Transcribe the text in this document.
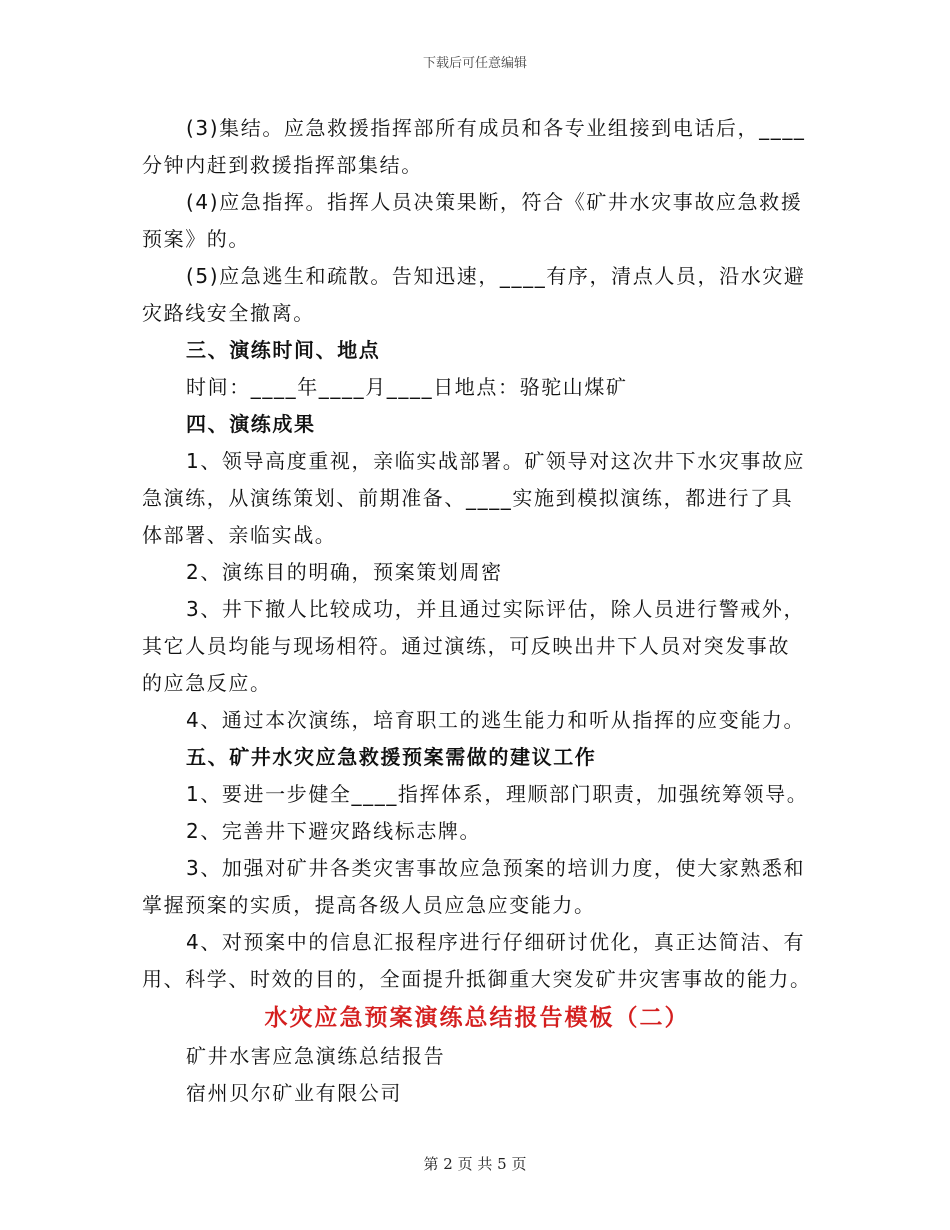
下载后可任意编辑
(3)集结。应急救援指挥部所有成员和各专业组接到电话后，____
分钟内赶到救援指挥部集结。
(4)应急指挥。指挥人员决策果断，符合《矿井水灾事故应急救援
预案》的。
(5)应急逃生和疏散。告知迅速，____有序，清点人员，沿水灾避
灾路线安全撤离。
三、演练时间、地点
时间：____年____月____日地点：骆驼山煤矿
四、演练成果
1、领导高度重视，亲临实战部署。矿领导对这次井下水灾事故应
急演练，从演练策划、前期准备、____实施到模拟演练，都进行了具
体部署、亲临实战。
2、演练目的明确，预案策划周密
3、井下撤人比较成功，并且通过实际评估，除人员进行警戒外，
其它人员均能与现场相符。通过演练，可反映出井下人员对突发事故
的应急反应。
4、通过本次演练，培育职工的逃生能力和听从指挥的应变能力。
五、矿井水灾应急救援预案需做的建议工作
1、要进一步健全____指挥体系，理顺部门职责，加强统筹领导。
2、完善井下避灾路线标志牌。
3、加强对矿井各类灾害事故应急预案的培训力度，使大家熟悉和
掌握预案的实质，提高各级人员应急应变能力。
4、对预案中的信息汇报程序进行仔细研讨优化，真正达简洁、有
用、科学、时效的目的，全面提升抵御重大突发矿井灾害事故的能力。
水灾应急预案演练总结报告模板（二）
矿井水害应急演练总结报告
宿州贝尔矿业有限公司
第 2 页 共 5 页
